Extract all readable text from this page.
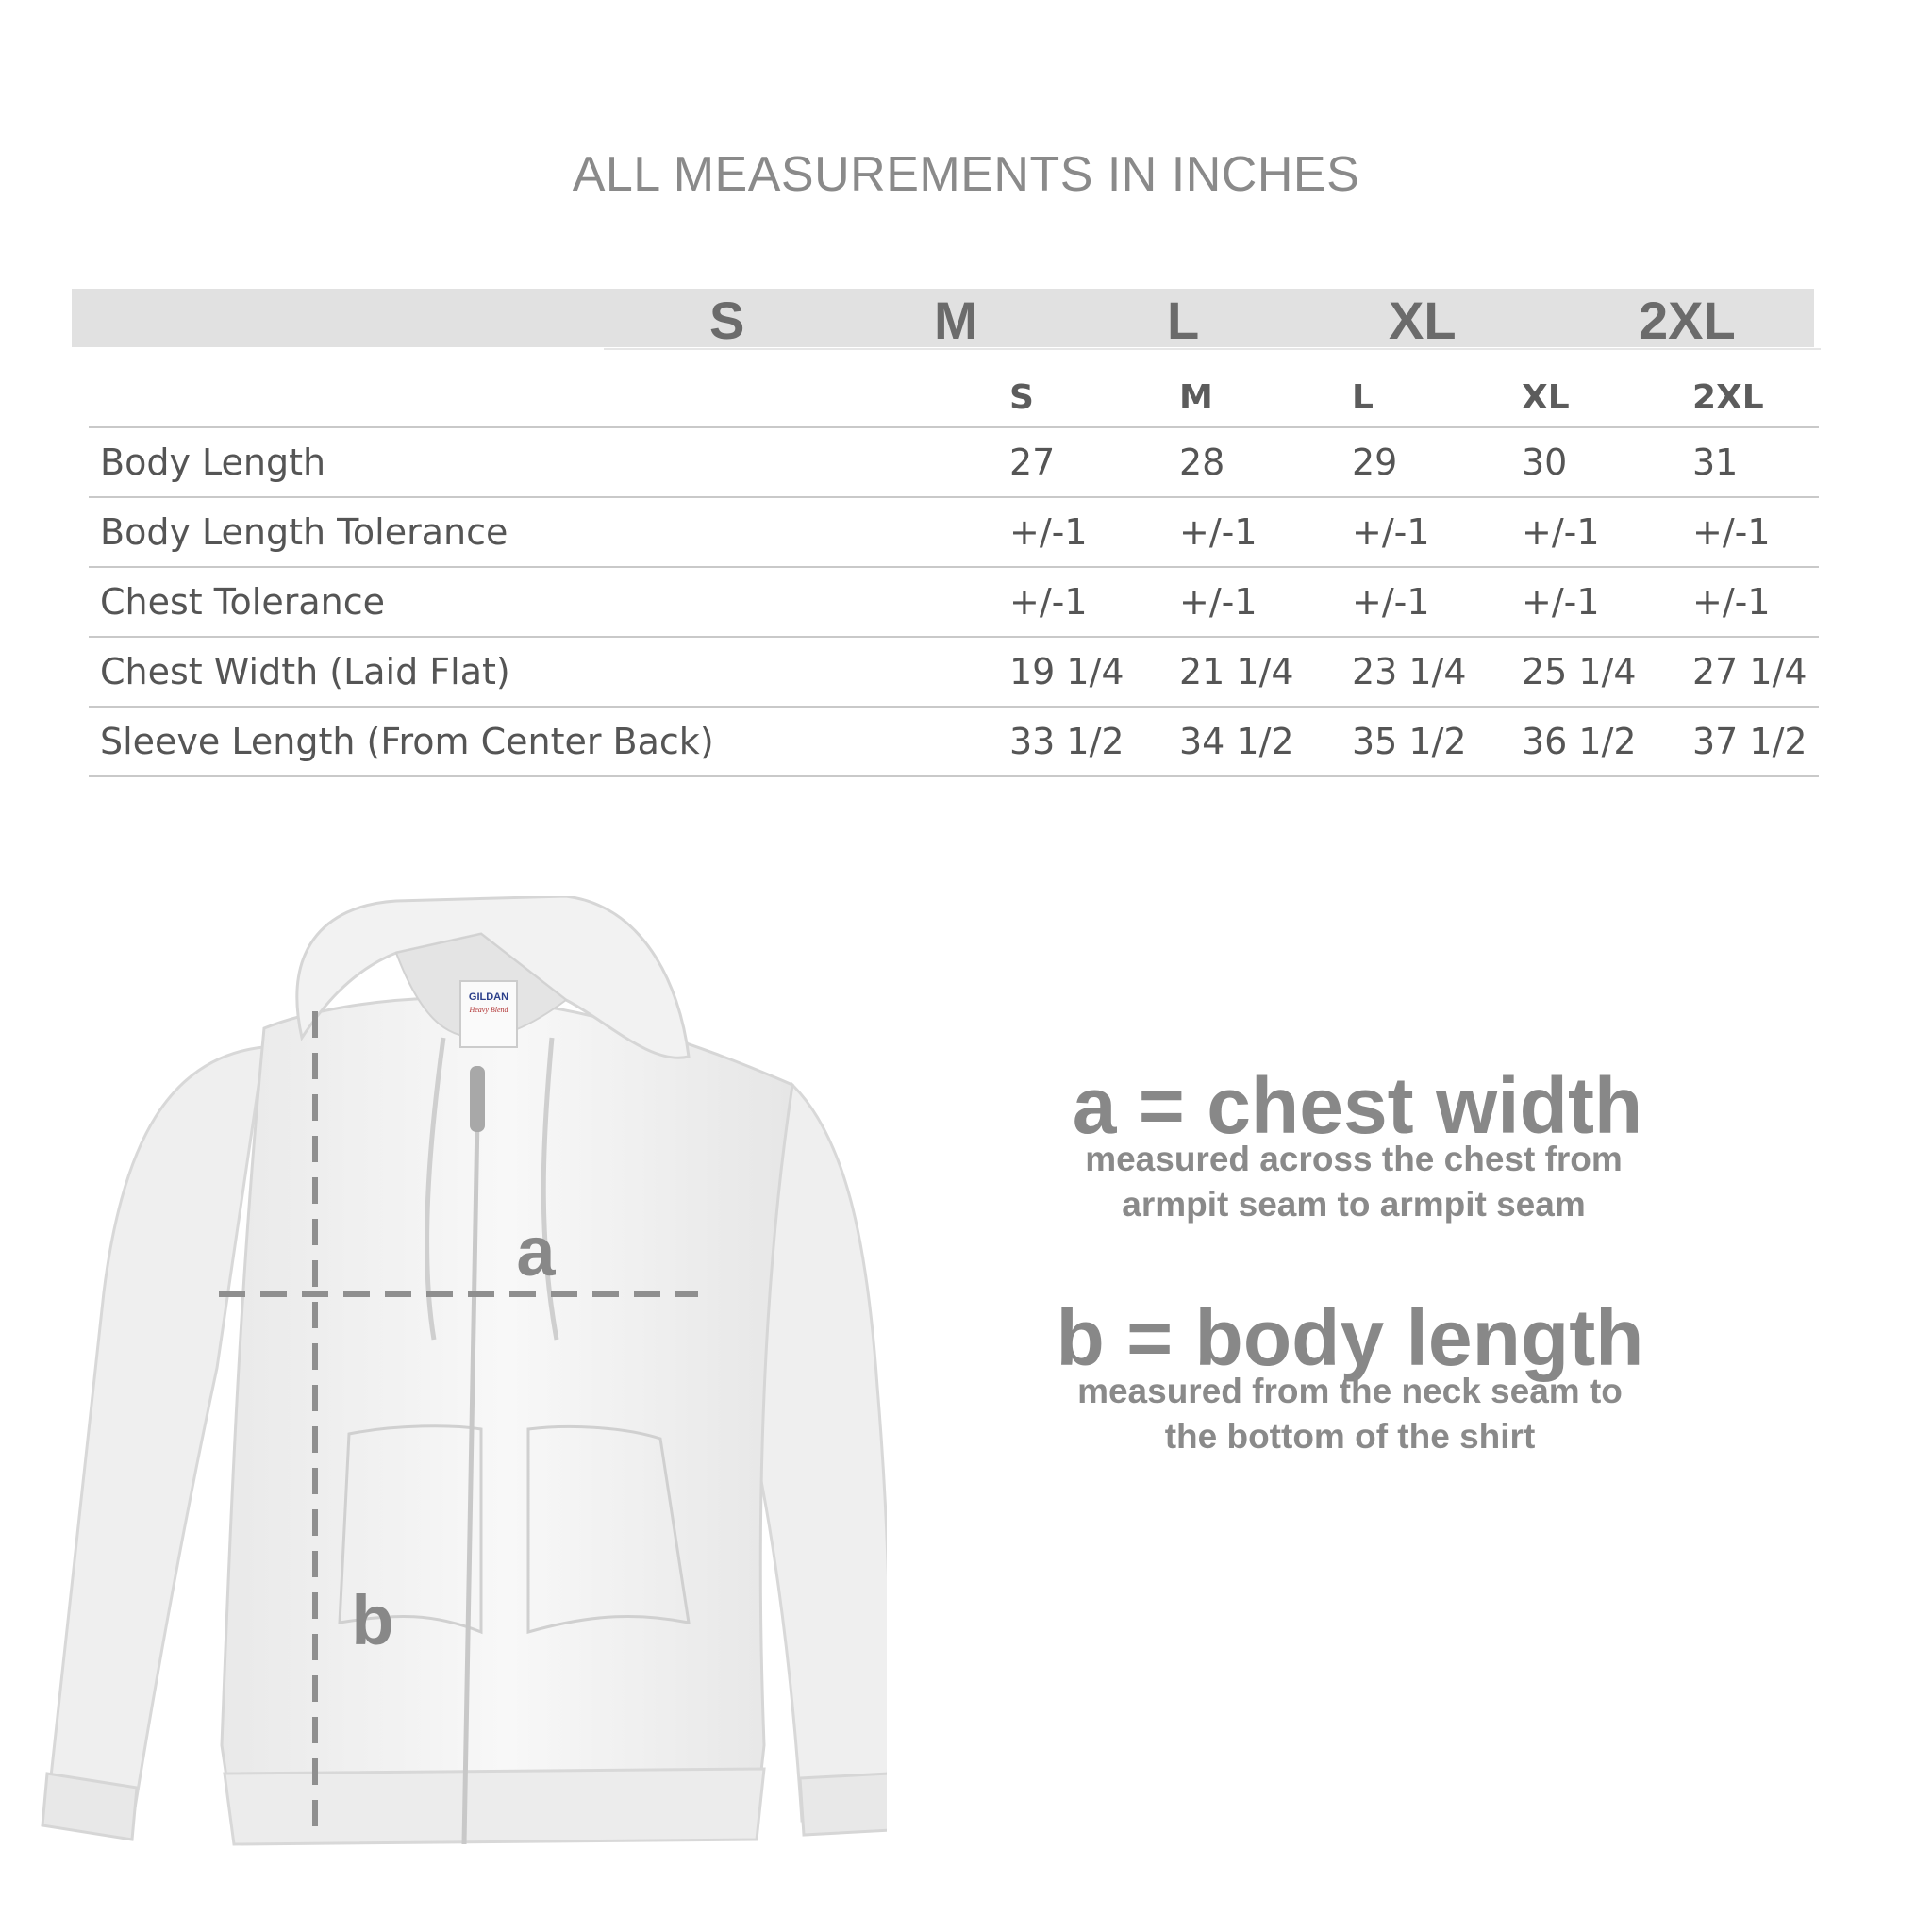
ALL MEASUREMENTS IN INCHES
S	M	L	XL	2XL
	S	M	L	XL	2XL
Body Length	27	28	29	30	31
Body Length Tolerance	+/-1	+/-1	+/-1	+/-1	+/-1
Chest Tolerance	+/-1	+/-1	+/-1	+/-1	+/-1
Chest Width (Laid Flat)	19 1/4	21 1/4	23 1/4	25 1/4	27 1/4
Sleeve Length (From Center Back)	33 1/2	34 1/2	35 1/2	36 1/2	37 1/2
GILDAN
Heavy Blend
a
b
a = chest width
measured across the chest from
armpit seam to armpit seam
b = body length
measured from the neck seam to
the bottom of the shirt
